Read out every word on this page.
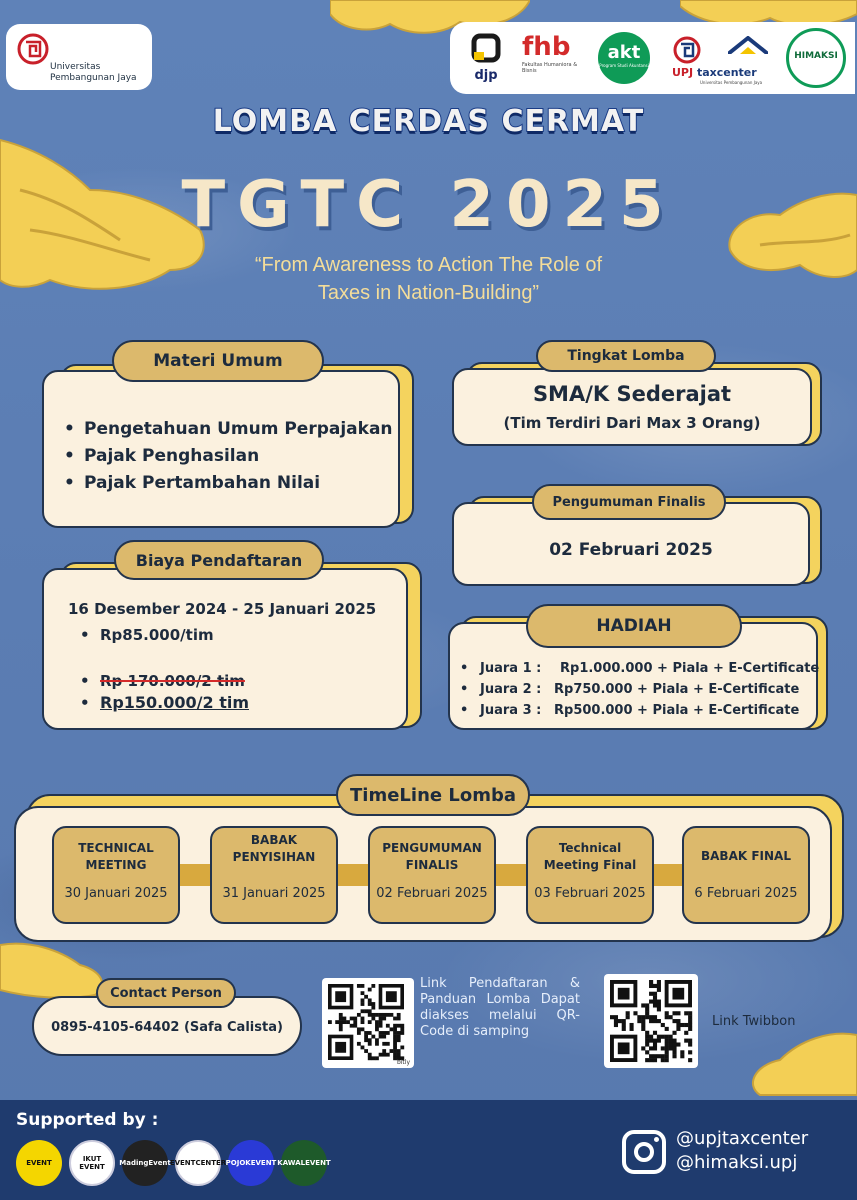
Universitas
Pembangunan Jaya	djp
fhb
Fakultas Humaniora & Bisnis
akt
Program Studi Akuntansi
UPJ taxcenter
Universitas Pembangunan Jaya
HIMAKSI
LOMBA CERDAS CERMAT
TGTC 2025
“From Awareness to Action The Role of
Taxes in Nation-Building”
• Pengetahuan Umum Perpajakan
• Pajak Penghasilan
• Pajak Pertambahan Nilai
Materi Umum
SMA/K Sederajat
(Tim Terdiri Dari Max 3 Orang)
Tingkat Lomba
02 Februari 2025
Pengumuman Finalis
16 Desember 2024 - 25 Januari 2025
• Rp85.000/tim
• Rp 170.000/2 tim
• Rp150.000/2 tim
Biaya Pendaftaran
• Juara 1 : Rp1.000.000 + Piala + E-Certificate
• Juara 2 : Rp750.000 + Piala + E-Certificate
• Juara 3 : Rp500.000 + Piala + E-Certificate
HADIAH
TimeLine Lomba
TECHNICAL MEETING
30 Januari 2025
BABAK PENYISIHAN
31 Januari 2025
PENGUMUMAN FINALIS
02 Februari 2025
Technical Meeting Final
03 Februari 2025
BABAK FINAL
6 Februari 2025
0895-4105-64402 (Safa Calista)
Contact Person
bitly
Link Pendaftaran & Panduan Lomba Dapat diakses melalui QR-Code di samping
Link Twibbon
Supported by :
EVENT	IKUT EVENT	Mading Event EVENT CENTER POJOK EVENT KAWAL EVENT
@upjtaxcenter
@himaksi.upj
